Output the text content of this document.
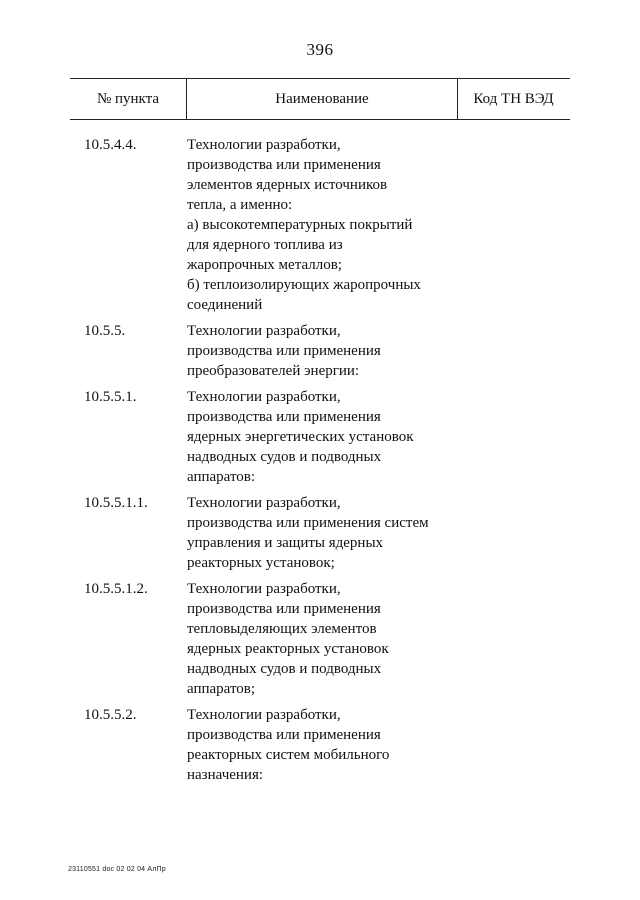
396
№ пункта	Наименование	Код ТН ВЭД
10.5.4.4.	Технологии разработки,
производства или применения
элементов ядерных источников
тепла, а именно:
а) высокотемпературных покрытий
для ядерного топлива из
жаропрочных металлов;
б) теплоизолирующих жаропрочных
соединений
10.5.5.	Технологии разработки,
производства или применения
преобразователей энергии:
10.5.5.1.	Технологии разработки,
производства или применения
ядерных энергетических установок
надводных судов и подводных
аппаратов:
10.5.5.1.1.	Технологии разработки,
производства или применения систем
управления и защиты ядерных
реакторных установок;
10.5.5.1.2.	Технологии разработки,
производства или применения
тепловыделяющих элементов
ядерных реакторных установок
надводных судов и подводных
аппаратов;
10.5.5.2.	Технологии разработки,
производства или применения
реакторных систем мобильного
назначения:
23110551 doc 02 02 04 АлПр
